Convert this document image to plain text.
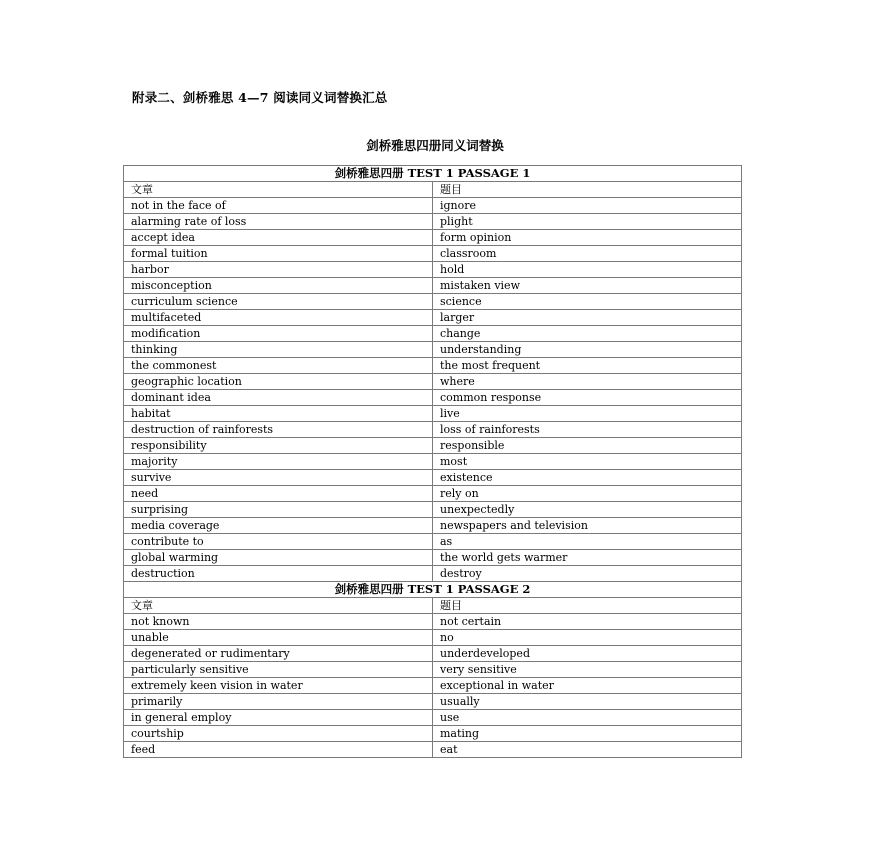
附录二、剑桥雅思 4—7 阅读同义词替换汇总
剑桥雅思四册同义词替换
剑桥雅思四册 TEST 1 PASSAGE 1	
文章	题目
not in the face of	ignore
alarming rate of loss	plight
accept idea	form opinion
formal tuition	classroom
harbor	hold
misconception	mistaken view
curriculum science	science
multifaceted	larger
modification	change
thinking	understanding
the commonest	the most frequent
geographic location	where
dominant idea	common response
habitat	live
destruction of rainforests	loss of rainforests
responsibility	responsible
majority	most
survive	existence
need	rely on
surprising	unexpectedly
media coverage	newspapers and television
contribute to	as
global warming	the world gets warmer
destruction	destroy
剑桥雅思四册 TEST 1 PASSAGE 2	
文章	题目
not known	not certain
unable	no
degenerated or rudimentary	underdeveloped
particularly sensitive	very sensitive
extremely keen vision in water	exceptional in water
primarily	usually
in general employ	use
courtship	mating
feed	eat
